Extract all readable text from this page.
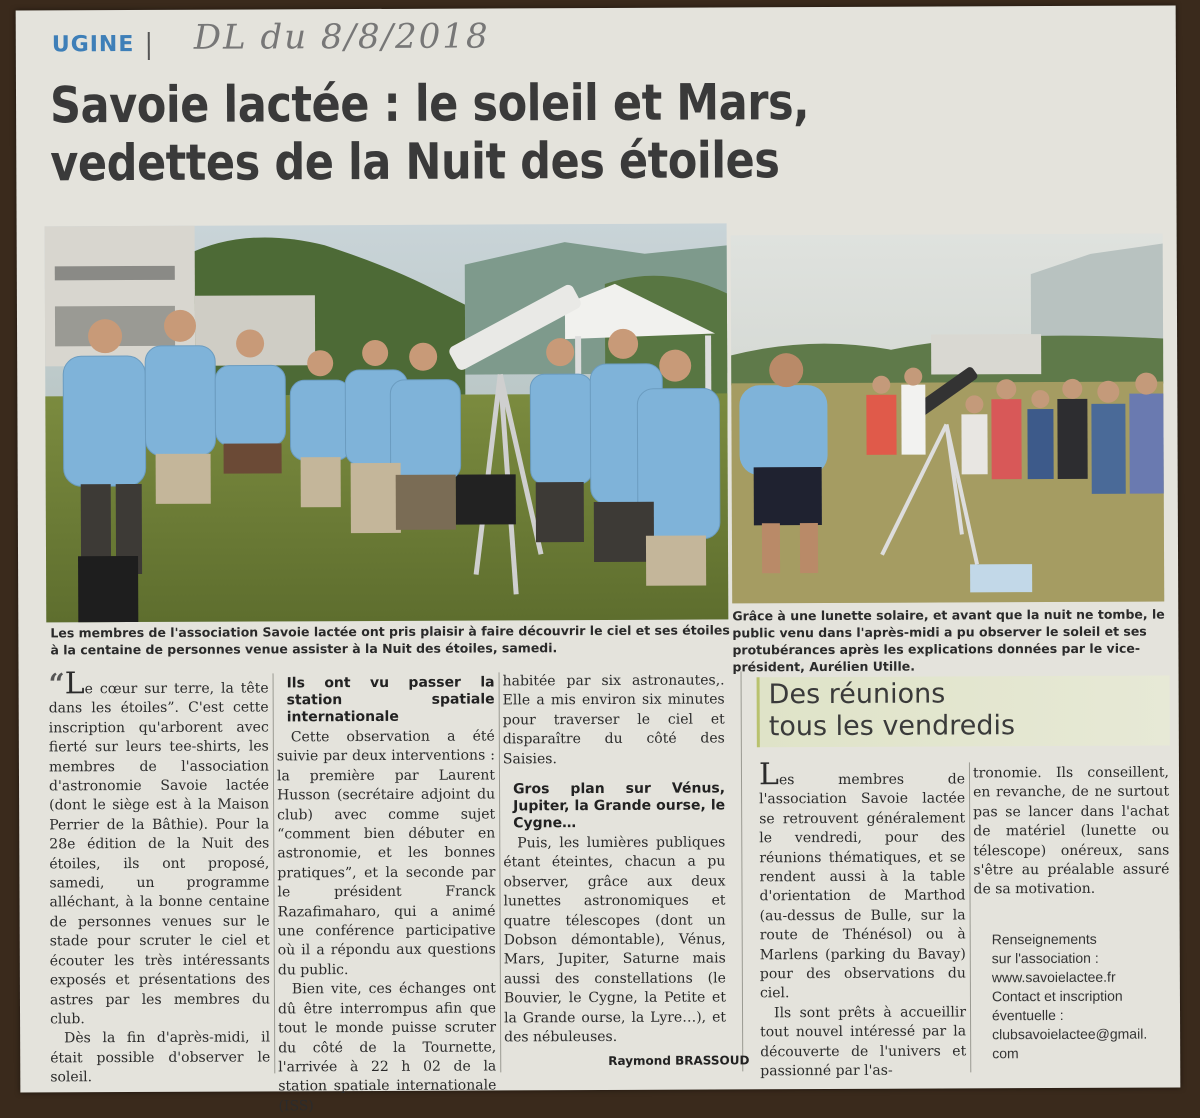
UGINE DL du 8/8/2018
Savoie lactée : le soleil et Mars,
vedettes de la Nuit des étoiles
Les membres de l'association Savoie lactée ont pris plaisir à faire découvrir le ciel et ses étoiles à la centaine de personnes venue assister à la Nuit des étoiles, samedi.
Grâce à une lunette solaire, et avant que la nuit ne tombe, le public venu dans l'après-midi a pu observer le soleil et ses protubérances après les explications données par le vice-président, Aurélien Utille.

“Le cœur sur terre, la tête dans les étoiles”. C'est cette inscription qu'arborent avec fierté sur leurs tee-shirts, les membres de l'association d'astronomie Savoie lactée (dont le siège est à la Maison Perrier de la Bâthie). Pour la 28e édition de la Nuit des étoiles, ils ont proposé, samedi, un programme alléchant, à la bonne centaine de personnes venues sur le stade pour scruter le ciel et écouter les très intéressants exposés et présentations des astres par les membres du club.

Dès la fin d'après-midi, il était possible d'observer le soleil.

Ils ont vu passer la station spatiale internationale

Cette observation a été suivie par deux interventions : la première par Laurent Husson (secrétaire adjoint du club) avec comme sujet “comment bien débuter en astronomie, et les bonnes pratiques”, et la seconde par le président Franck Razafimaharo, qui a animé une conférence participative où il a répondu aux questions du public.

Bien vite, ces échanges ont dû être interrompus afin que tout le monde puisse scruter du côté de la Tournette, l'arrivée à 22 h 02 de la station spatiale internationale (ISS)

habitée par six astronautes,. Elle a mis environ six minutes pour traverser le ciel et disparaître du côté des Saisies.

Gros plan sur Vénus, Jupiter, la Grande ourse, le Cygne…

Puis, les lumières publiques étant éteintes, chacun a pu observer, grâce aux deux lunettes astronomiques et quatre télescopes (dont un Dobson démontable), Vénus, Mars, Jupiter, Saturne mais aussi des constellations (le Bouvier, le Cygne, la Petite et la Grande ourse, la Lyre…), et des nébuleuses.

Raymond BRASSOUD
Des réunions
tous les vendredis

Les membres de l'association Savoie lactée se retrouvent généralement le vendredi, pour des réunions thématiques, et se rendent aussi à la table d'orientation de Marthod (au-dessus de Bulle, sur la route de Thénésol) ou à Marlens (parking du Bavay) pour des observations du ciel.

Ils sont prêts à accueillir tout nouvel intéressé par la découverte de l'univers et passionné par l'as-

tronomie. Ils conseillent, en revanche, de ne surtout pas se lancer dans l'achat de matériel (lunette ou télescope) onéreux, sans s'être au préalable assuré de sa motivation.

Renseignements
sur l'association :
www.savoielactee.fr
Contact et inscription
éventuelle :
clubsavoielactee@gmail.
com
